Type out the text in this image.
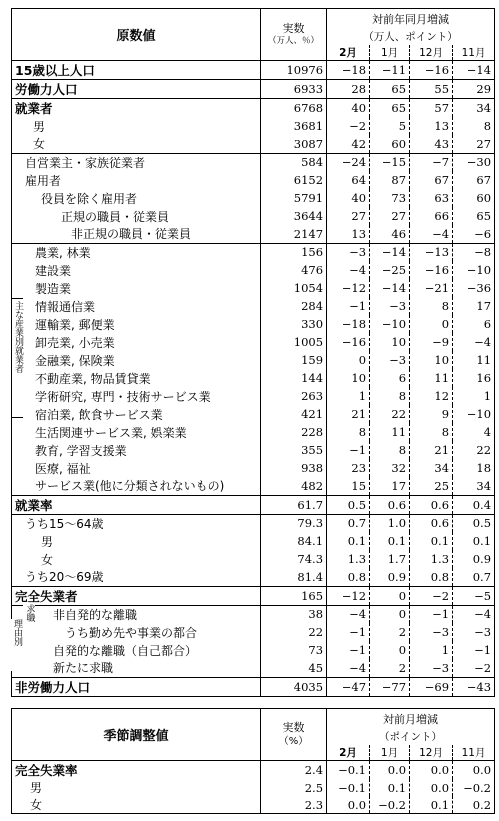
原数値	実数
（万人、％）	対前年同月増減			
		（万人、ポイント）			
		2月	1月	12月	11月
15歳以上人口	10976	−18	−11	−16	−14
労働力人口	6933	28	65	55	29
就業者	6768	40	65	57	34
男	3681	−2	5	13	8
女	3087	42	60	43	27
自営業主・家族従業者	584	−24	−15	−7	−30
雇用者	6152	64	87	67	67
役員を除く雇用者	5791	40	73	63	60
正規の職員・従業員	3644	27	27	66	65
非正規の職員・従業員	2147	13	46	−4	−6
農業, 林業	156	−3	−14	−13	−8
建設業	476	−4	−25	−16	−10
製造業	1054	−12	−14	−21	−36
情報通信業	284	−1	−3	8	17
運輸業, 郵便業	330	−18	−10	0	6
卸売業, 小売業	1005	−16	10	−9	−4
金融業, 保険業	159	0	−3	10	11
不動産業, 物品賃貸業	144	10	6	11	16
学術研究, 専門・技術サービス業	263	1	8	12	1
宿泊業, 飲食サービス業	421	21	22	9	−10
生活関連サービス業, 娯楽業	228	8	11	8	4
教育, 学習支援業	355	−1	8	21	22
医療, 福祉	938	23	32	34	18
サービス業(他に分類されないもの)	482	15	17	25	34
就業率	61.7	0.5	0.6	0.6	0.4
うち15～64歳	79.3	0.7	1.0	0.6	0.5
男	84.1	0.1	0.1	0.1	0.1
女	74.3	1.3	1.7	1.3	0.9
うち20～69歳	81.4	0.8	0.9	0.8	0.7
完全失業者	165	−12	0	−2	−5
非自発的な離職	38	−4	0	−1	−4
うち勤め先や事業の都合	22	−1	2	−3	−3
自発的な離職（自己都合）	73	−1	0	1	−1
新たに求職	45	−4	2	−3	−2
非労働力人口	4035	−47	−77	−69	−43
季節調整値	実数
（%）	対前月増減			
		（ポイント）			
		2月	1月	12月	11月
完全失業率	2.4	−0.1	0.0	0.0	0.0
男	2.5	−0.1	0.1	0.0	−0.2
女	2.3	0.0	−0.2	0.1	0.2
主な産業別就業者
理由別
求職
